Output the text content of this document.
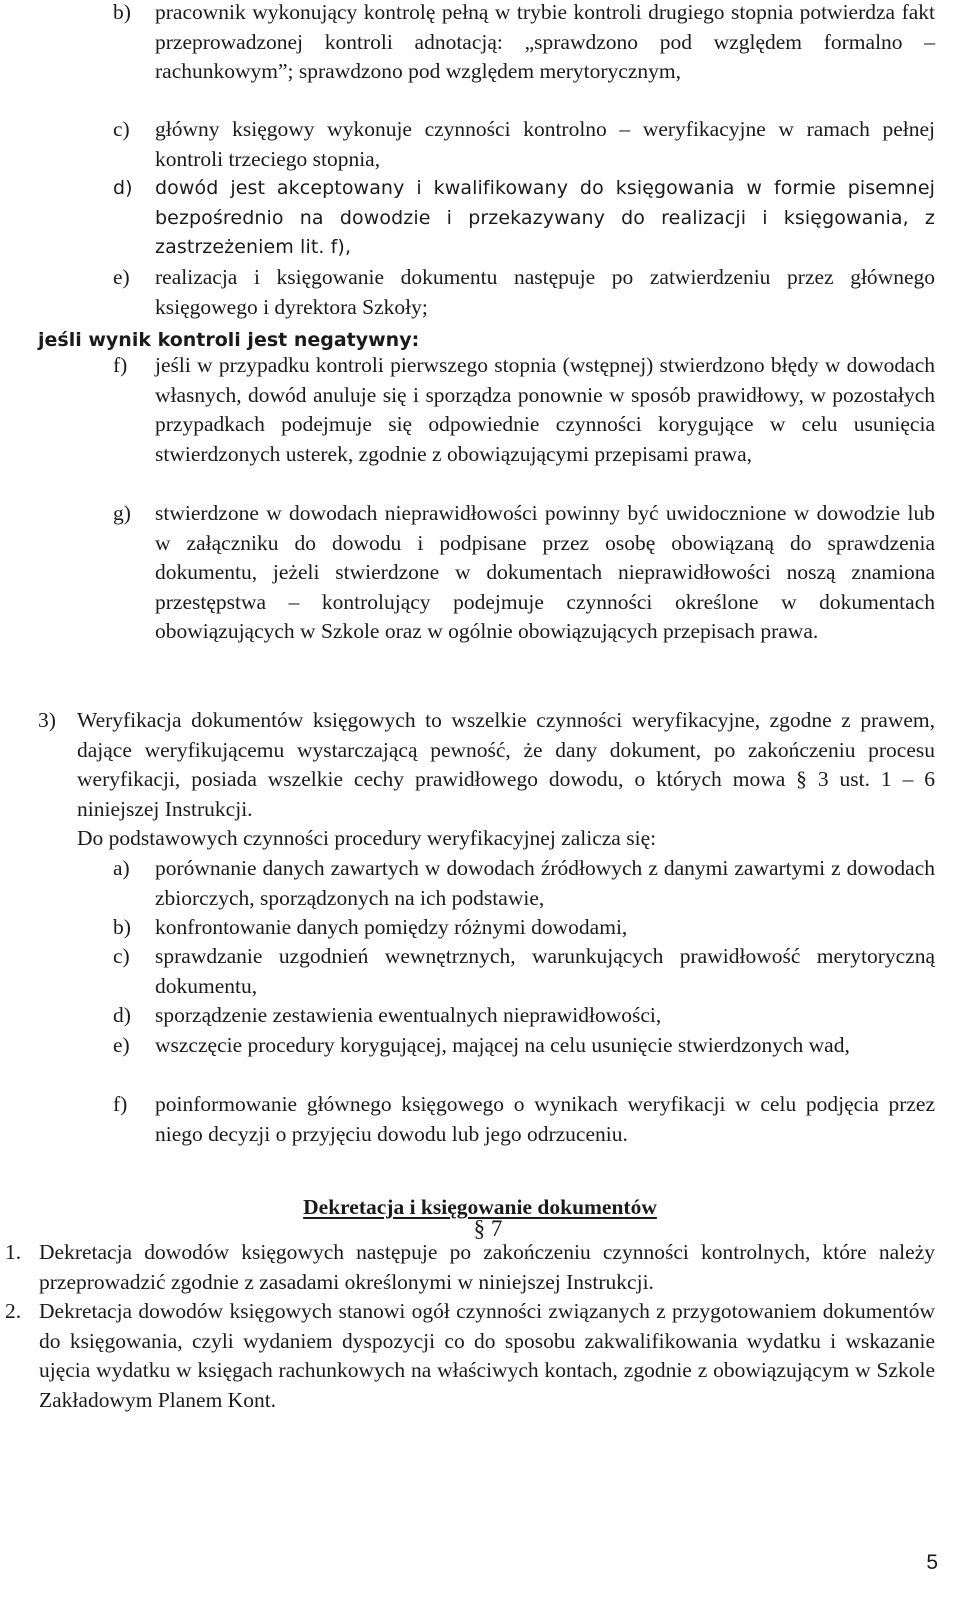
b) pracownik wykonujący kontrolę pełną w trybie kontroli drugiego stopnia potwierdza fakt przeprowadzonej kontroli adnotacją: „sprawdzono pod względem formalno – rachunkowym”; sprawdzono pod względem merytorycznym,
c) główny księgowy wykonuje czynności kontrolno – weryfikacyjne w ramach pełnej kontroli trzeciego stopnia,
d) dowód jest akceptowany i kwalifikowany do księgowania w formie pisemnej bezpośrednio na dowodzie i przekazywany do realizacji i księgowania, z zastrzeżeniem lit. f),
e) realizacja i księgowanie dokumentu następuje po zatwierdzeniu przez głównego księgowego i dyrektora Szkoły;
jeśli wynik kontroli jest negatywny:
f) jeśli w przypadku kontroli pierwszego stopnia (wstępnej) stwierdzono błędy w dowodach własnych, dowód anuluje się i sporządza ponownie w sposób prawidłowy, w pozostałych przypadkach podejmuje się odpowiednie czynności korygujące w celu usunięcia stwierdzonych usterek, zgodnie z obowiązującymi przepisami prawa,
g) stwierdzone w dowodach nieprawidłowości powinny być uwidocznione w dowodzie lub w załączniku do dowodu i podpisane przez osobę obowiązaną do sprawdzenia dokumentu, jeżeli stwierdzone w dokumentach nieprawidłowości noszą znamiona przestępstwa – kontrolujący podejmuje czynności określone w dokumentach obowiązujących w Szkole oraz w ogólnie obowiązujących przepisach prawa.
3) Weryfikacja dokumentów księgowych to wszelkie czynności weryfikacyjne, zgodne z prawem, dające weryfikującemu wystarczającą pewność, że dany dokument, po zakończeniu procesu weryfikacji, posiada wszelkie cechy prawidłowego dowodu, o których mowa § 3 ust. 1 – 6 niniejszej Instrukcji.
Do podstawowych czynności procedury weryfikacyjnej zalicza się:
a) porównanie danych zawartych w dowodach źródłowych z danymi zawartymi z dowodach zbiorczych, sporządzonych na ich podstawie,
b) konfrontowanie danych pomiędzy różnymi dowodami,
c) sprawdzanie uzgodnień wewnętrznych, warunkujących prawidłowość merytoryczną dokumentu,
d) sporządzenie zestawienia ewentualnych nieprawidłowości,
e) wszczęcie procedury korygującej, mającej na celu usunięcie stwierdzonych wad,
f) poinformowanie głównego księgowego o wynikach weryfikacji w celu podjęcia przez niego decyzji o przyjęciu dowodu lub jego odrzuceniu.
Dekretacja i księgowanie dokumentów
§ 7
1. Dekretacja dowodów księgowych następuje po zakończeniu czynności kontrolnych, które należy przeprowadzić zgodnie z zasadami określonymi w niniejszej Instrukcji.
2. Dekretacja dowodów księgowych stanowi ogół czynności związanych z przygotowaniem dokumentów do księgowania, czyli wydaniem dyspozycji co do sposobu zakwalifikowania wydatku i wskazanie ujęcia wydatku w księgach rachunkowych na właściwych kontach, zgodnie z obowiązującym w Szkole Zakładowym Planem Kont.
5
